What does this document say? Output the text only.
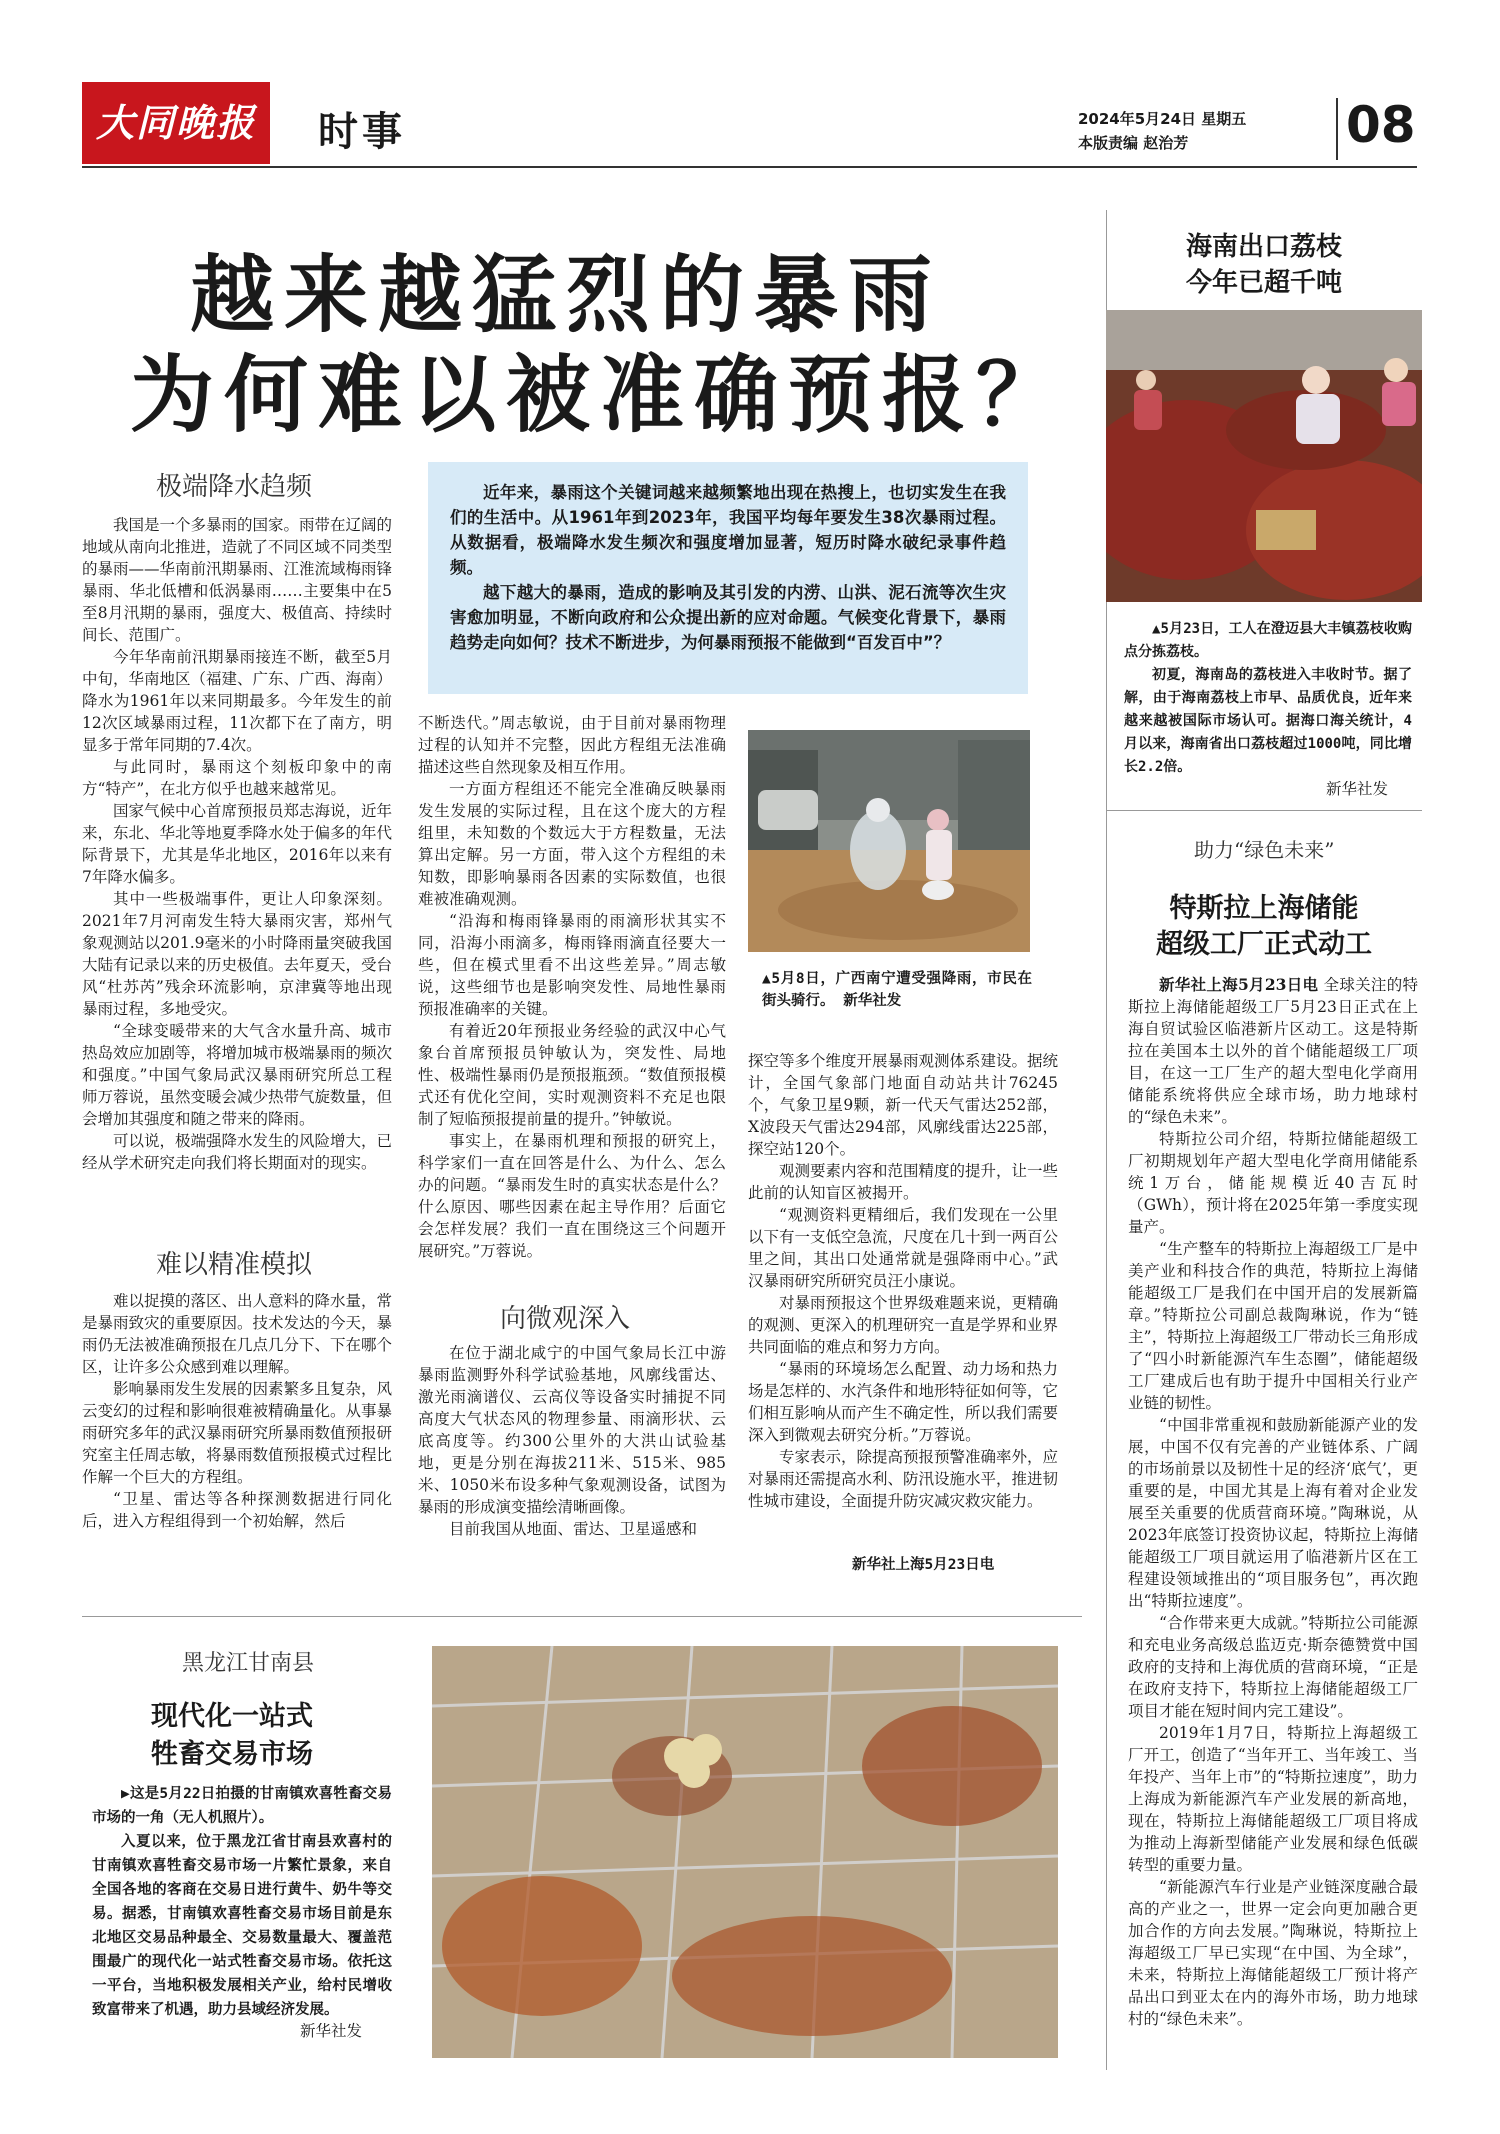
大同晚报	时事	2024年5月24日 星期五
本版责编 赵治芳	08
越来越猛烈的暴雨
为何难以被准确预报？

近年来，暴雨这个关键词越来越频繁地出现在热搜上，也切实发生在我们的生活中。从1961年到2023年，我国平均每年要发生38次暴雨过程。从数据看，极端降水发生频次和强度增加显著，短历时降水破纪录事件趋频。

越下越大的暴雨，造成的影响及其引发的内涝、山洪、泥石流等次生灾害愈加明显，不断向政府和公众提出新的应对命题。气候变化背景下，暴雨趋势走向如何？技术不断进步，为何暴雨预报不能做到“百发百中”？

极端降水趋频

我国是一个多暴雨的国家。雨带在辽阔的地域从南向北推进，造就了不同区域不同类型的暴雨——华南前汛期暴雨、江淮流域梅雨锋暴雨、华北低槽和低涡暴雨……主要集中在5至8月汛期的暴雨，强度大、极值高、持续时间长、范围广。

今年华南前汛期暴雨接连不断，截至5月中旬，华南地区（福建、广东、广西、海南）降水为1961年以来同期最多。今年发生的前12次区域暴雨过程，11次都下在了南方，明显多于常年同期的7.4次。

与此同时，暴雨这个刻板印象中的南方“特产”，在北方似乎也越来越常见。

国家气候中心首席预报员郑志海说，近年来，东北、华北等地夏季降水处于偏多的年代际背景下，尤其是华北地区，2016年以来有7年降水偏多。

其中一些极端事件，更让人印象深刻。2021年7月河南发生特大暴雨灾害，郑州气象观测站以201.9毫米的小时降雨量突破我国大陆有记录以来的历史极值。去年夏天，受台风“杜苏芮”残余环流影响，京津冀等地出现暴雨过程，多地受灾。

“全球变暖带来的大气含水量升高、城市热岛效应加剧等，将增加城市极端暴雨的频次和强度。”中国气象局武汉暴雨研究所总工程师万蓉说，虽然变暖会减少热带气旋数量，但会增加其强度和随之带来的降雨。

可以说，极端强降水发生的风险增大，已经从学术研究走向我们将长期面对的现实。

难以精准模拟

难以捉摸的落区、出人意料的降水量，常是暴雨致灾的重要原因。技术发达的今天，暴雨仍无法被准确预报在几点几分下、下在哪个区，让许多公众感到难以理解。

影响暴雨发生发展的因素繁多且复杂，风云变幻的过程和影响很难被精确量化。从事暴雨研究多年的武汉暴雨研究所暴雨数值预报研究室主任周志敏，将暴雨数值预报模式过程比作解一个巨大的方程组。

“卫星、雷达等各种探测数据进行同化后，进入方程组得到一个初始解，然后

不断迭代。”周志敏说，由于目前对暴雨物理过程的认知并不完整，因此方程组无法准确描述这些自然现象及相互作用。

一方面方程组还不能完全准确反映暴雨发生发展的实际过程，且在这个庞大的方程组里，未知数的个数远大于方程数量，无法算出定解。另一方面，带入这个方程组的未知数，即影响暴雨各因素的实际数值，也很难被准确观测。

“沿海和梅雨锋暴雨的雨滴形状其实不同，沿海小雨滴多，梅雨锋雨滴直径要大一些，但在模式里看不出这些差异。”周志敏说，这些细节也是影响突发性、局地性暴雨预报准确率的关键。

有着近20年预报业务经验的武汉中心气象台首席预报员钟敏认为，突发性、局地性、极端性暴雨仍是预报瓶颈。“数值预报模式还有优化空间，实时观测资料不充足也限制了短临预报提前量的提升。”钟敏说。

事实上，在暴雨机理和预报的研究上，科学家们一直在回答是什么、为什么、怎么办的问题。“暴雨发生时的真实状态是什么？什么原因、哪些因素在起主导作用？后面它会怎样发展？我们一直在围绕这三个问题开展研究。”万蓉说。

向微观深入

在位于湖北咸宁的中国气象局长江中游暴雨监测野外科学试验基地，风廓线雷达、激光雨滴谱仪、云高仪等设备实时捕捉不同高度大气状态风的物理参量、雨滴形状、云底高度等。约300公里外的大洪山试验基地，更是分别在海拔211米、515米、985米、1050米布设多种气象观测设备，试图为暴雨的形成演变描绘清晰画像。

目前我国从地面、雷达、卫星遥感和

▲5月8日，广西南宁遭受强降雨，市民在街头骑行。 新华社发

探空等多个维度开展暴雨观测体系建设。据统计，全国气象部门地面自动站共计76245个，气象卫星9颗，新一代天气雷达252部，X波段天气雷达294部，风廓线雷达225部，探空站120个。

观测要素内容和范围精度的提升，让一些此前的认知盲区被揭开。

“观测资料更精细后，我们发现在一公里以下有一支低空急流，尺度在几十到一两百公里之间，其出口处通常就是强降雨中心。”武汉暴雨研究所研究员汪小康说。

对暴雨预报这个世界级难题来说，更精确的观测、更深入的机理研究一直是学界和业界共同面临的难点和努力方向。

“暴雨的环境场怎么配置、动力场和热力场是怎样的、水汽条件和地形特征如何等，它们相互影响从而产生不确定性，所以我们需要深入到微观去研究分析。”万蓉说。

专家表示，除提高预报预警准确率外，应对暴雨还需提高水利、防汛设施水平，推进韧性城市建设，全面提升防灾减灾救灾能力。

新华社上海5月23日电
海南出口荔枝
今年已超千吨

▲5月23日，工人在澄迈县大丰镇荔枝收购点分拣荔枝。

初夏，海南岛的荔枝进入丰收时节。据了解，由于海南荔枝上市早、品质优良，近年来越来越被国际市场认可。据海口海关统计，4月以来，海南省出口荔枝超过1000吨，同比增长2.2倍。

新华社发
助力“绿色未来”
特斯拉上海储能
超级工厂正式动工

新华社上海5月23日电 全球关注的特斯拉上海储能超级工厂5月23日正式在上海自贸试验区临港新片区动工。这是特斯拉在美国本土以外的首个储能超级工厂项目，在这一工厂生产的超大型电化学商用储能系统将供应全球市场，助力地球村的“绿色未来”。

特斯拉公司介绍，特斯拉储能超级工厂初期规划年产超大型电化学商用储能系统1万台，储能规模近40吉瓦时（GWh），预计将在2025年第一季度实现量产。

“生产整车的特斯拉上海超级工厂是中美产业和科技合作的典范，特斯拉上海储能超级工厂是我们在中国开启的发展新篇章。”特斯拉公司副总裁陶琳说，作为“链主”，特斯拉上海超级工厂带动长三角形成了“四小时新能源汽车生态圈”，储能超级工厂建成后也有助于提升中国相关行业产业链的韧性。

“中国非常重视和鼓励新能源产业的发展，中国不仅有完善的产业链体系、广阔的市场前景以及韧性十足的经济‘底气’，更重要的是，中国尤其是上海有着对企业发展至关重要的优质营商环境。”陶琳说，从2023年底签订投资协议起，特斯拉上海储能超级工厂项目就运用了临港新片区在工程建设领域推出的“项目服务包”，再次跑出“特斯拉速度”。

“合作带来更大成就。”特斯拉公司能源和充电业务高级总监迈克·斯奈德赞赏中国政府的支持和上海优质的营商环境，“正是在政府支持下，特斯拉上海储能超级工厂项目才能在短时间内完工建设”。

2019年1月7日，特斯拉上海超级工厂开工，创造了“当年开工、当年竣工、当年投产、当年上市”的“特斯拉速度”，助力上海成为新能源汽车产业发展的新高地，现在，特斯拉上海储能超级工厂项目将成为推动上海新型储能产业发展和绿色低碳转型的重要力量。

“新能源汽车行业是产业链深度融合最高的产业之一，世界一定会向更加融合更加合作的方向去发展。”陶琳说，特斯拉上海超级工厂早已实现“在中国、为全球”，未来，特斯拉上海储能超级工厂预计将产品出口到亚太在内的海外市场，助力地球村的“绿色未来”。

黑龙江甘南县
现代化一站式
牲畜交易市场

▶这是5月22日拍摄的甘南镇欢喜牲畜交易市场的一角（无人机照片）。

入夏以来，位于黑龙江省甘南县欢喜村的甘南镇欢喜牲畜交易市场一片繁忙景象，来自全国各地的客商在交易日进行黄牛、奶牛等交易。据悉，甘南镇欢喜牲畜交易市场目前是东北地区交易品种最全、交易数量最大、覆盖范围最广的现代化一站式牲畜交易市场。依托这一平台，当地积极发展相关产业，给村民增收致富带来了机遇，助力县域经济发展。

新华社发
